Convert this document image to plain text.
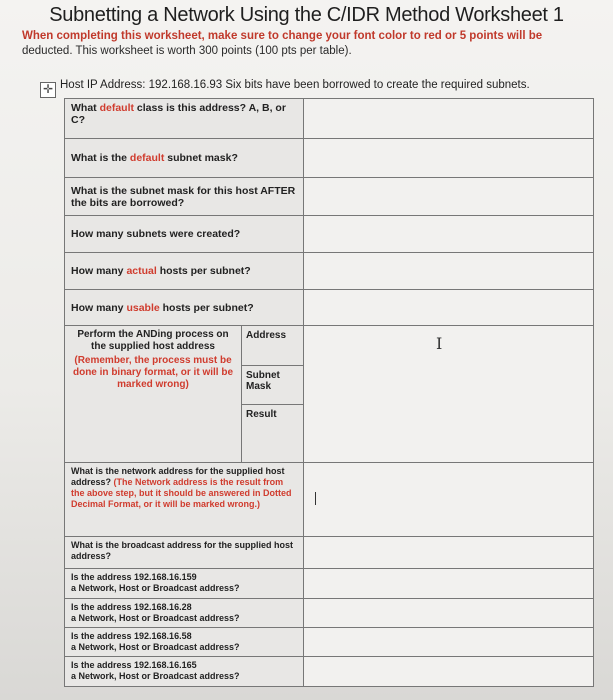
Subnetting a Network Using the C/IDR Method Worksheet 1
When completing this worksheet, make sure to change your font color to red or 5 points will be
deducted. This worksheet is worth 300 points (100 pts per table).
✛ Host IP Address: 192.168.16.93 Six bits have been borrowed to create the required subnets.
What default class is this address? A, B, or C?	
What is the default subnet mask?	
What is the subnet mask for this host AFTER the bits are borrowed?	
How many subnets were created?	
How many actual hosts per subnet?	
How many usable hosts per subnet?	

Perform the ANDing process on the supplied host address
(Remember, the process must be done in binary format, or it will be marked wrong)
Address
Subnet Mask
Result	

What is the network address for the supplied host address? (The Network address is the result from the above step, but it should be answered in Dotted Decimal Format, or it will be marked wrong.)	
What is the broadcast address for the supplied host address?	

Is the address 192.168.16.159
a Network, Host or Broadcast address?	

Is the address 192.168.16.28
a Network, Host or Broadcast address?	

Is the address 192.168.16.58
a Network, Host or Broadcast address?	

Is the address 192.168.16.165
a Network, Host or Broadcast address?	

I
